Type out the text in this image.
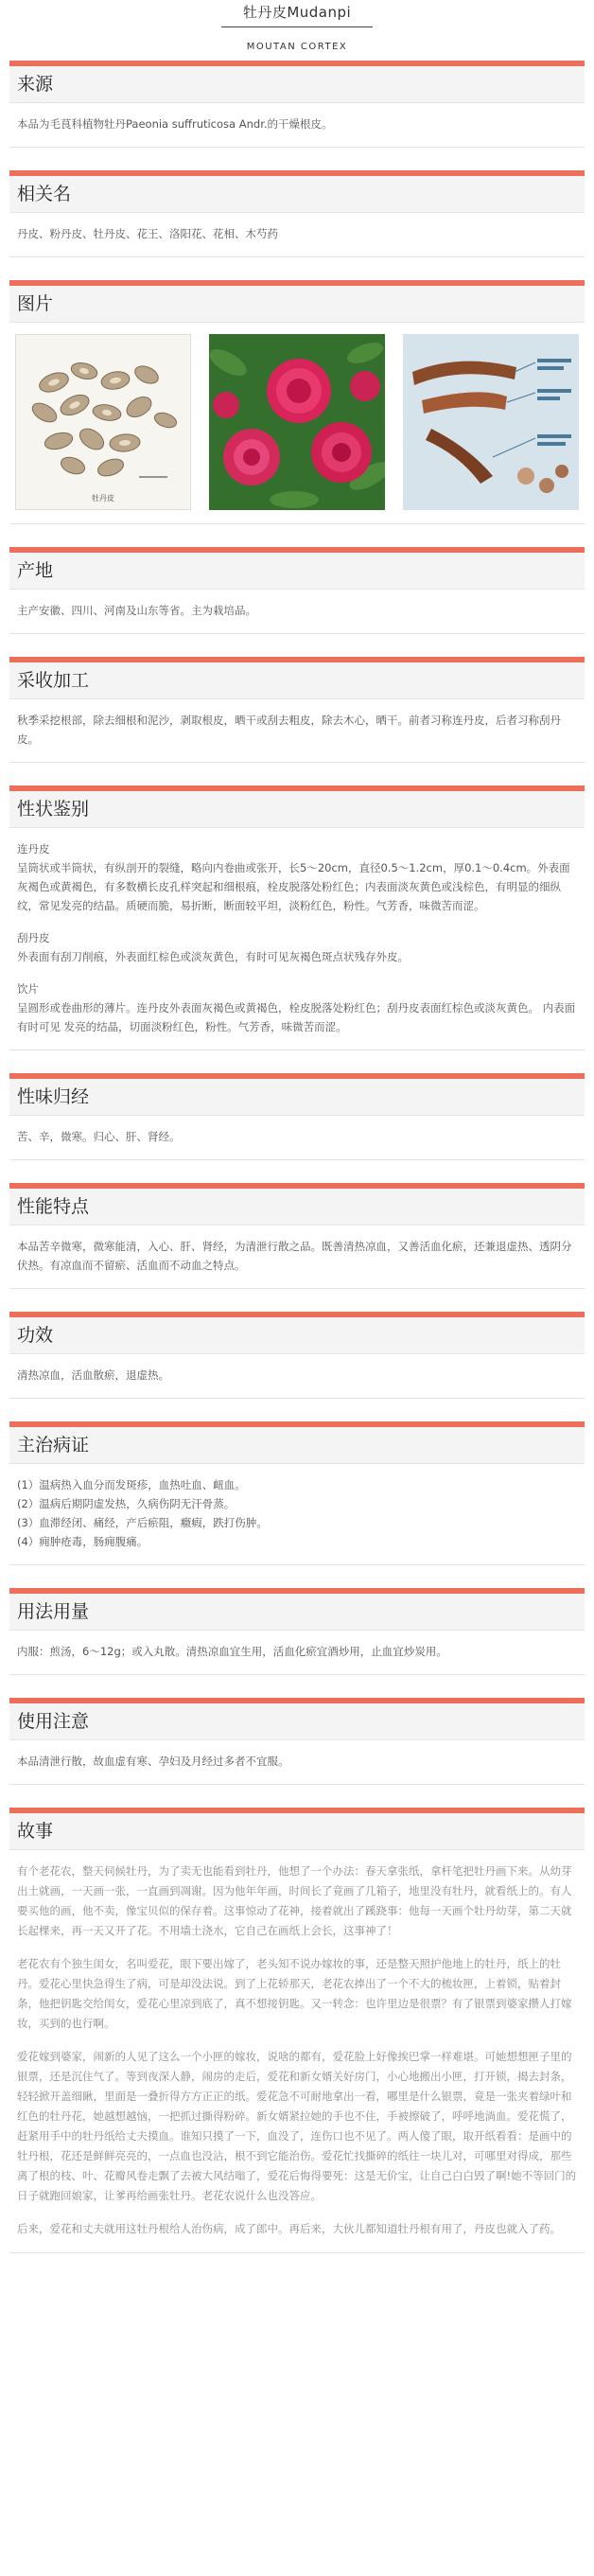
牡丹皮Mudanpi
MOUTAN CORTEX
来源
本品为毛茛科植物牡丹Paeonia suffruticosa Andr.的干燥根皮。
相关名
丹皮、粉丹皮、牡丹皮、花王、洛阳花、花相、木芍药
图片
牡丹皮
产地
主产安徽、四川、河南及山东等省。主为栽培品。
采收加工
秋季采挖根部，除去细根和泥沙，剥取根皮，晒干或刮去粗皮，除去木心，晒干。前者习称连丹皮，后者习称刮丹皮。
性状鉴别
连丹皮
呈筒状或半筒状，有纵剖开的裂缝，略向内卷曲或张开，长5～20cm，直径0.5～1.2cm，厚0.1～0.4cm。外表面灰褐色或黄褐色，有多数横长皮孔样突起和细根痕，栓皮脱落处粉红色；内表面淡灰黄色或浅棕色，有明显的细纵纹，常见发亮的结晶。质硬而脆，易折断，断面较平坦，淡粉红色，粉性。气芳香，味微苦而涩。
刮丹皮
外表面有刮刀削痕，外表面红棕色或淡灰黄色，有时可见灰褐色斑点状残存外皮。
饮片
呈圆形或卷曲形的薄片。连丹皮外表面灰褐色或黄褐色，栓皮脱落处粉红色；刮丹皮表面红棕色或淡灰黄色。 内表面有时可见 发亮的结晶，切面淡粉红色，粉性。气芳香，味微苦而涩。
性味归经
苦、辛，微寒。归心、肝、肾经。
性能特点
本品苦辛微寒，微寒能清，入心、肝、肾经，为清泄行散之品。既善清热凉血，又善活血化瘀，还兼退虚热、透阴分伏热。有凉血而不留瘀、活血而不动血之特点。
功效
清热凉血，活血散瘀，退虚热。
主治病证
(1）温病热入血分而发斑疹，血热吐血、衄血。
(2）温病后期阴虚发热，久病伤阴无汗骨蒸。
(3）血滞经闭、痛经，产后瘀阻，癥瘕，跌打伤肿。
(4）痈肿疮毒，肠痈腹痛。
用法用量
内服：煎汤，6～12g；或入丸散。清热凉血宜生用，活血化瘀宜酒炒用，止血宜炒炭用。
使用注意
本品清泄行散，故血虚有寒、孕妇及月经过多者不宜服。
故事
有个老花农，整天伺候牡丹，为了卖无也能看到牡丹，他想了一个办法：春天拿张纸，拿杆笔把牡丹画下来。从幼芽出土就画，一天画一张，一直画到凋谢。因为他年年画，时间长了竟画了几箱子，地里没有牡丹，就看纸上的。有人要买他的画，他不卖，像宝贝似的保存着。这事惊动了花神，接着就出了蹊跷事：他每一天画个牡丹幼芽，第二天就长起棵来，再一天又开了花。不用墙土浇水，它自己在画纸上会长，这事神了！
老花农有个独生闺女，名叫爱花，眼下要出嫁了，老头知不说办嫁妆的事，还是整天照护他地上的牡丹，纸上的牡丹。爱花心里快急得生了病，可是却没法说。到了上花轿那天，老花农捧出了一个不大的梳妆匣，上着锁，贴着封条，他把钥匙交给闺女，爱花心里凉到底了，真不想接钥匙。又一转念：也许里边是很票？有了银票到婆家攒人打嫁妆，买到的也行啊。
爱花嫁到婆家，闹新的人见了这么一个小匣的嫁妆，说啥的都有，爱花脸上好像挨巴掌一样难堪。可她想想匣子里的银票，还是沉住气了。等到夜深人静，闹房的走后，爱花和新女婿关好房门，小心地搬出小匣，打开锁，揭去封条，轻轻掀开盖细瞅，里面是一叠折得方方正正的纸。爱花急不可耐地拿出一看，哪里是什么银票，竟是一张夹着绿叶和红色的牡丹花，她越想越恼，一把抓过撕得粉碎。新女婿紧拉她的手也不住，手被擦破了，呼呼地淌血。爱花慌了，赶紧用手中的牡丹纸给丈夫摸血。谁知只摸了一下，血没了，连伤口也不见了。两人傻了眼，取开纸看看：是画中的牡丹根，花还是鲜鲜亮亮的，一点血也没沾，根不到它能治伤。爱花忙找撕碎的纸往一块儿对，可哪里对得成，那些离了根的枝、叶、花瓣风卷走飘了去被大风结嗡了，爱花后悔得要死：这是无价宝，让自己白白毁了啊!她不等回门的日子就跑回娘家，让爹再给画张牡丹。老花农说什么也没答应。
后来，爱花和丈夫就用这牡丹根给人治伤病，成了郎中。再后来，大伙儿都知道牡丹根有用了，丹皮也就入了药。
